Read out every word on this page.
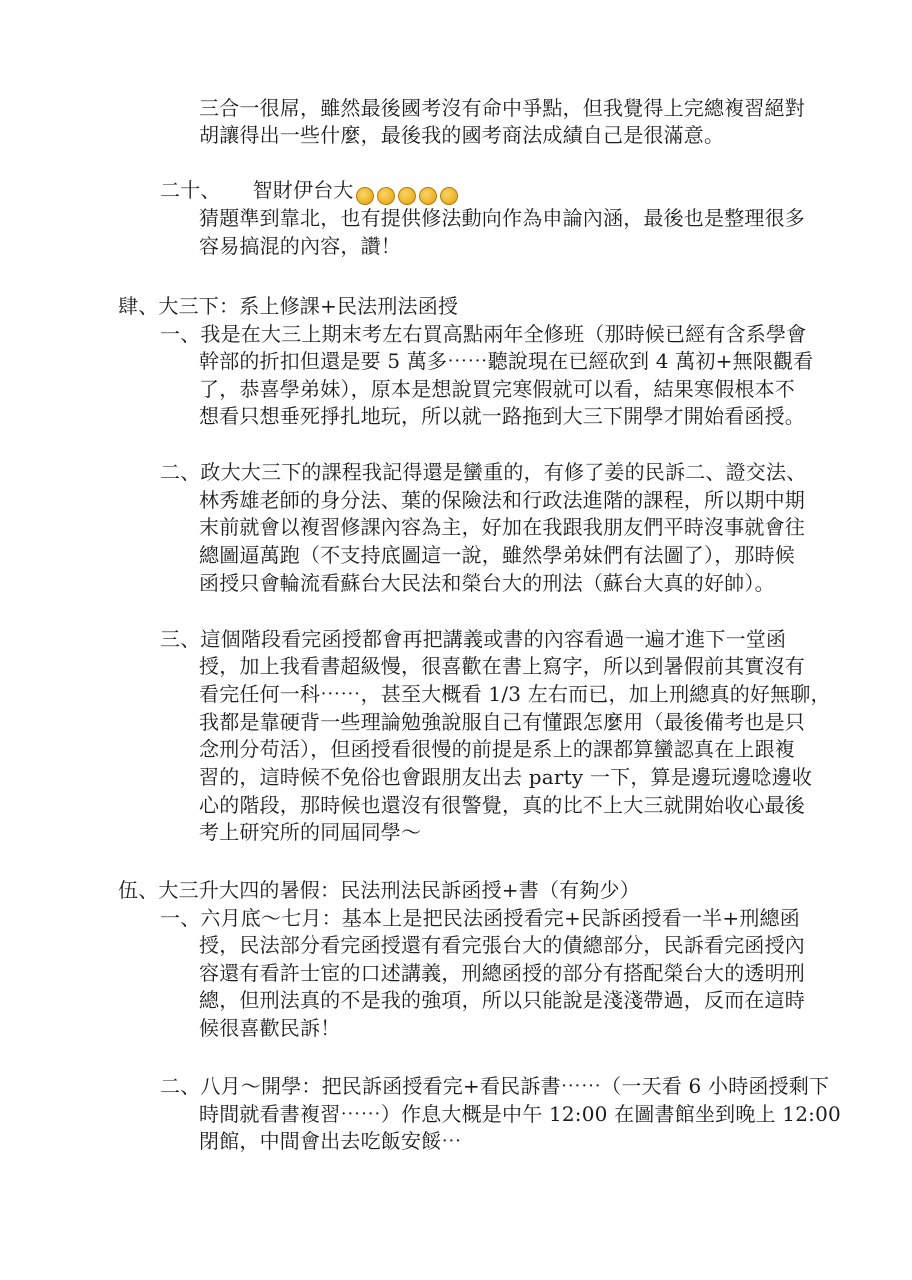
三合一很屌，雖然最後國考沒有命中爭點，但我覺得上完總複習絕對
胡讓得出一些什麼，最後我的國考商法成績自己是很滿意。
二十、 智財伊台大
猜題準到靠北，也有提供修法動向作為申論內涵，最後也是整理很多
容易搞混的內容，讚！
肆、大三下：系上修課+民法刑法函授
一、我是在大三上期末考左右買高點兩年全修班（那時候已經有含系學會
幹部的折扣但還是要 5 萬多⋯⋯聽說現在已經砍到 4 萬初+無限觀看
了，恭喜學弟妹），原本是想說買完寒假就可以看，結果寒假根本不
想看只想垂死掙扎地玩，所以就一路拖到大三下開學才開始看函授。
二、政大大三下的課程我記得還是蠻重的，有修了姜的民訴二、證交法、
林秀雄老師的身分法、葉的保險法和行政法進階的課程，所以期中期
末前就會以複習修課內容為主，好加在我跟我朋友們平時沒事就會往
總圖逼萬跑（不支持底圖這一說，雖然學弟妹們有法圖了），那時候
函授只會輪流看蘇台大民法和榮台大的刑法（蘇台大真的好帥）。
三、這個階段看完函授都會再把講義或書的內容看過一遍才進下一堂函
授，加上我看書超級慢，很喜歡在書上寫字，所以到暑假前其實沒有
看完任何一科⋯⋯，甚至大概看 1/3 左右而已，加上刑總真的好無聊，
我都是靠硬背一些理論勉強說服自己有懂跟怎麼用（最後備考也是只
念刑分苟活），但函授看很慢的前提是系上的課都算蠻認真在上跟複
習的，這時候不免俗也會跟朋友出去 party 一下，算是邊玩邊唸邊收
心的階段，那時候也還沒有很警覺，真的比不上大三就開始收心最後
考上研究所的同屆同學～
伍、大三升大四的暑假：民法刑法民訴函授+書（有夠少）
一、六月底～七月：基本上是把民法函授看完+民訴函授看一半+刑總函
授，民法部分看完函授還有看完張台大的債總部分，民訴看完函授內
容還有看許士宦的口述講義，刑總函授的部分有搭配榮台大的透明刑
總，但刑法真的不是我的強項，所以只能說是淺淺帶過，反而在這時
候很喜歡民訴！
二、八月～開學：把民訴函授看完+看民訴書⋯⋯（一天看 6 小時函授剩下
時間就看書複習⋯⋯）作息大概是中午 12:00 在圖書館坐到晚上 12:00
閉館，中間會出去吃飯安餒⋯
